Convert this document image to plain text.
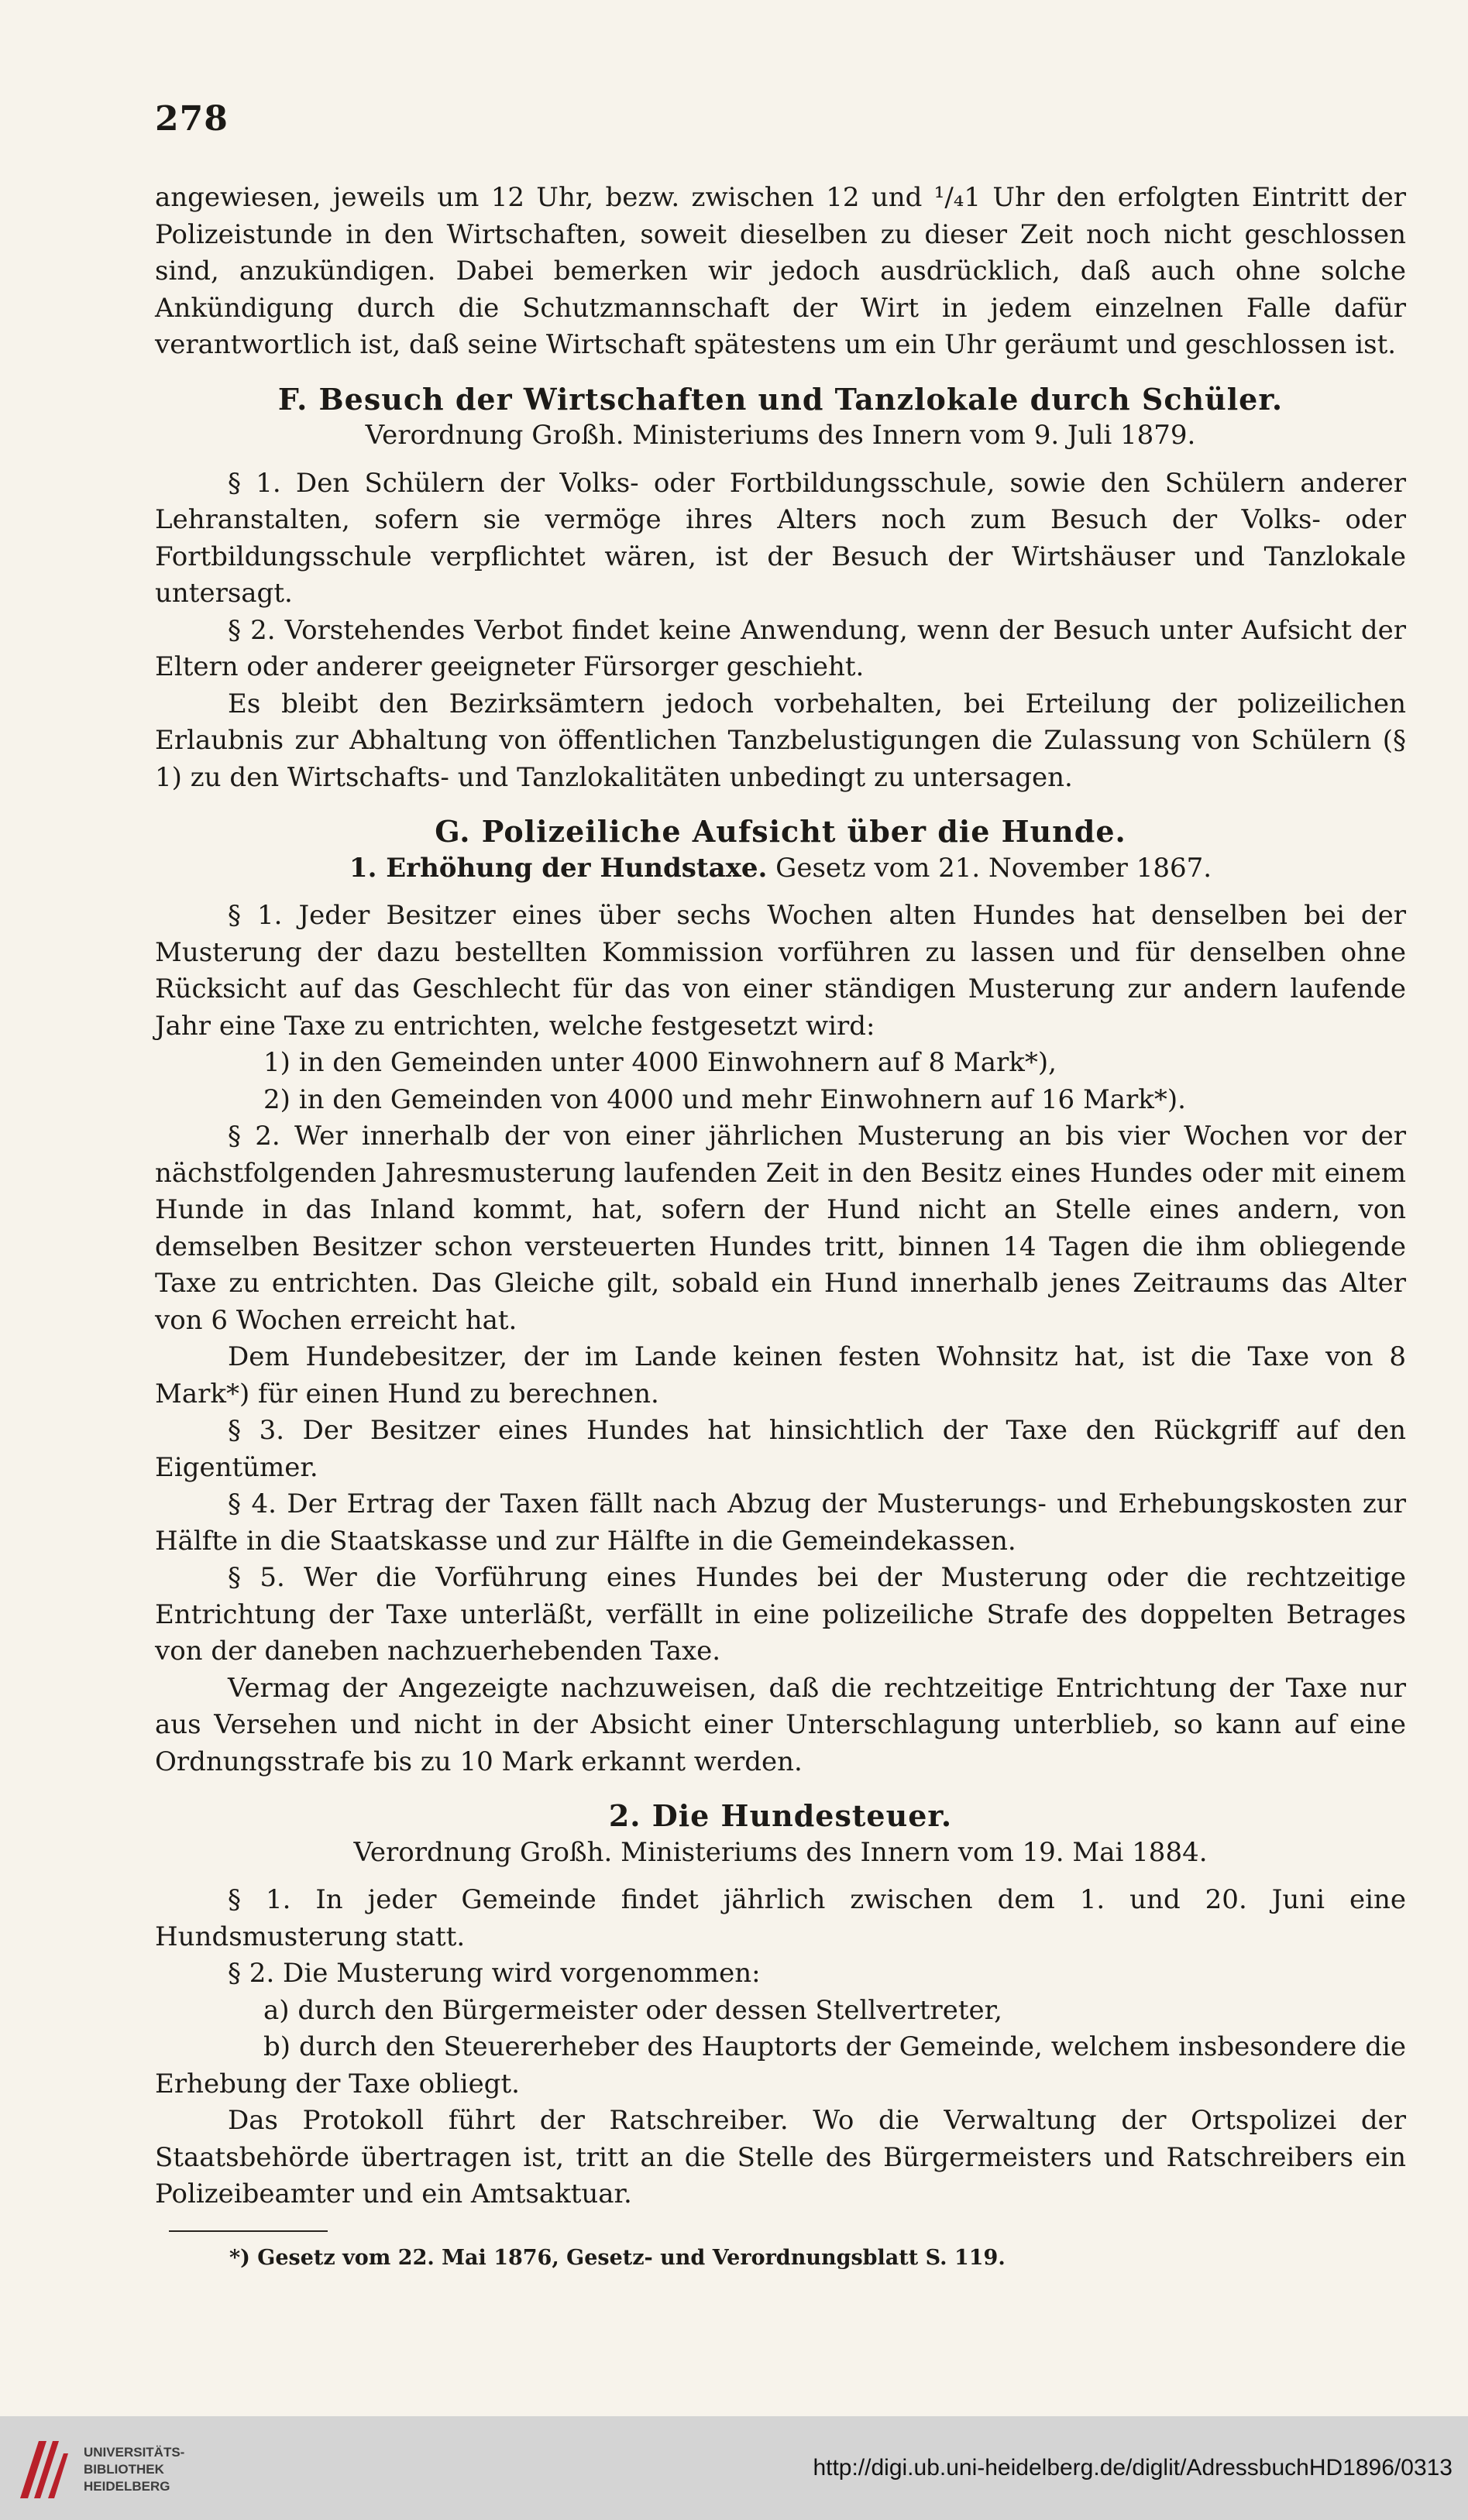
278

angewiesen, jeweils um 12 Uhr, bezw. zwischen 12 und ¹/₄1 Uhr den erfolgten Eintritt der Polizeistunde in den Wirtschaften, soweit dieselben zu dieser Zeit noch nicht geschlossen sind, anzukündigen. Dabei bemerken wir jedoch ausdrücklich, daß auch ohne solche Ankündigung durch die Schutzmannschaft der Wirt in jedem einzelnen Falle dafür verantwortlich ist, daß seine Wirtschaft spätestens um ein Uhr geräumt und geschlossen ist.

F. Besuch der Wirtschaften und Tanzlokale durch Schüler.

Verordnung Großh. Ministeriums des Innern vom 9. Juli 1879.

§ 1. Den Schülern der Volks- oder Fortbildungsschule, sowie den Schülern anderer Lehranstalten, sofern sie vermöge ihres Alters noch zum Besuch der Volks- oder Fortbildungsschule verpflichtet wären, ist der Besuch der Wirtshäuser und Tanzlokale untersagt.

§ 2. Vorstehendes Verbot findet keine Anwendung, wenn der Besuch unter Aufsicht der Eltern oder anderer geeigneter Fürsorger geschieht.

Es bleibt den Bezirksämtern jedoch vorbehalten, bei Erteilung der polizeilichen Erlaubnis zur Abhaltung von öffentlichen Tanzbelustigungen die Zulassung von Schülern (§ 1) zu den Wirtschafts- und Tanzlokalitäten unbedingt zu untersagen.

G. Polizeiliche Aufsicht über die Hunde.

1. Erhöhung der Hundstaxe. Gesetz vom 21. November 1867.

§ 1. Jeder Besitzer eines über sechs Wochen alten Hundes hat denselben bei der Musterung der dazu bestellten Kommission vorführen zu lassen und für denselben ohne Rücksicht auf das Geschlecht für das von einer ständigen Musterung zur andern laufende Jahr eine Taxe zu entrichten, welche festgesetzt wird:

1) in den Gemeinden unter 4000 Einwohnern auf 8 Mark*),

2) in den Gemeinden von 4000 und mehr Einwohnern auf 16 Mark*).

§ 2. Wer innerhalb der von einer jährlichen Musterung an bis vier Wochen vor der nächstfolgenden Jahresmusterung laufenden Zeit in den Besitz eines Hundes oder mit einem Hunde in das Inland kommt, hat, sofern der Hund nicht an Stelle eines andern, von demselben Besitzer schon versteuerten Hundes tritt, binnen 14 Tagen die ihm obliegende Taxe zu entrichten. Das Gleiche gilt, sobald ein Hund innerhalb jenes Zeitraums das Alter von 6 Wochen erreicht hat.

Dem Hundebesitzer, der im Lande keinen festen Wohnsitz hat, ist die Taxe von 8 Mark*) für einen Hund zu berechnen.

§ 3. Der Besitzer eines Hundes hat hinsichtlich der Taxe den Rückgriff auf den Eigentümer.

§ 4. Der Ertrag der Taxen fällt nach Abzug der Musterungs- und Erhebungskosten zur Hälfte in die Staatskasse und zur Hälfte in die Gemeindekassen.

§ 5. Wer die Vorführung eines Hundes bei der Musterung oder die rechtzeitige Entrichtung der Taxe unterläßt, verfällt in eine polizeiliche Strafe des doppelten Betrages von der daneben nachzuerhebenden Taxe.

Vermag der Angezeigte nachzuweisen, daß die rechtzeitige Entrichtung der Taxe nur aus Versehen und nicht in der Absicht einer Unterschlagung unterblieb, so kann auf eine Ordnungsstrafe bis zu 10 Mark erkannt werden.

2. Die Hundesteuer.

Verordnung Großh. Ministeriums des Innern vom 19. Mai 1884.

§ 1. In jeder Gemeinde findet jährlich zwischen dem 1. und 20. Juni eine Hundsmusterung statt.

§ 2. Die Musterung wird vorgenommen:

a) durch den Bürgermeister oder dessen Stellvertreter,

b) durch den Steuererheber des Hauptorts der Gemeinde, welchem insbesondere die Erhebung der Taxe obliegt.

Das Protokoll führt der Ratschreiber. Wo die Verwaltung der Ortspolizei der Staatsbehörde übertragen ist, tritt an die Stelle des Bürgermeisters und Ratschreibers ein Polizeibeamter und ein Amtsaktuar.

*) Gesetz vom 22. Mai 1876, Gesetz- und Verordnungsblatt S. 119.

UNIVERSITÄTS-
BIBLIOTHEK
HEIDELBERG
http://digi.ub.uni-heidelberg.de/diglit/AdressbuchHD1896/0313
